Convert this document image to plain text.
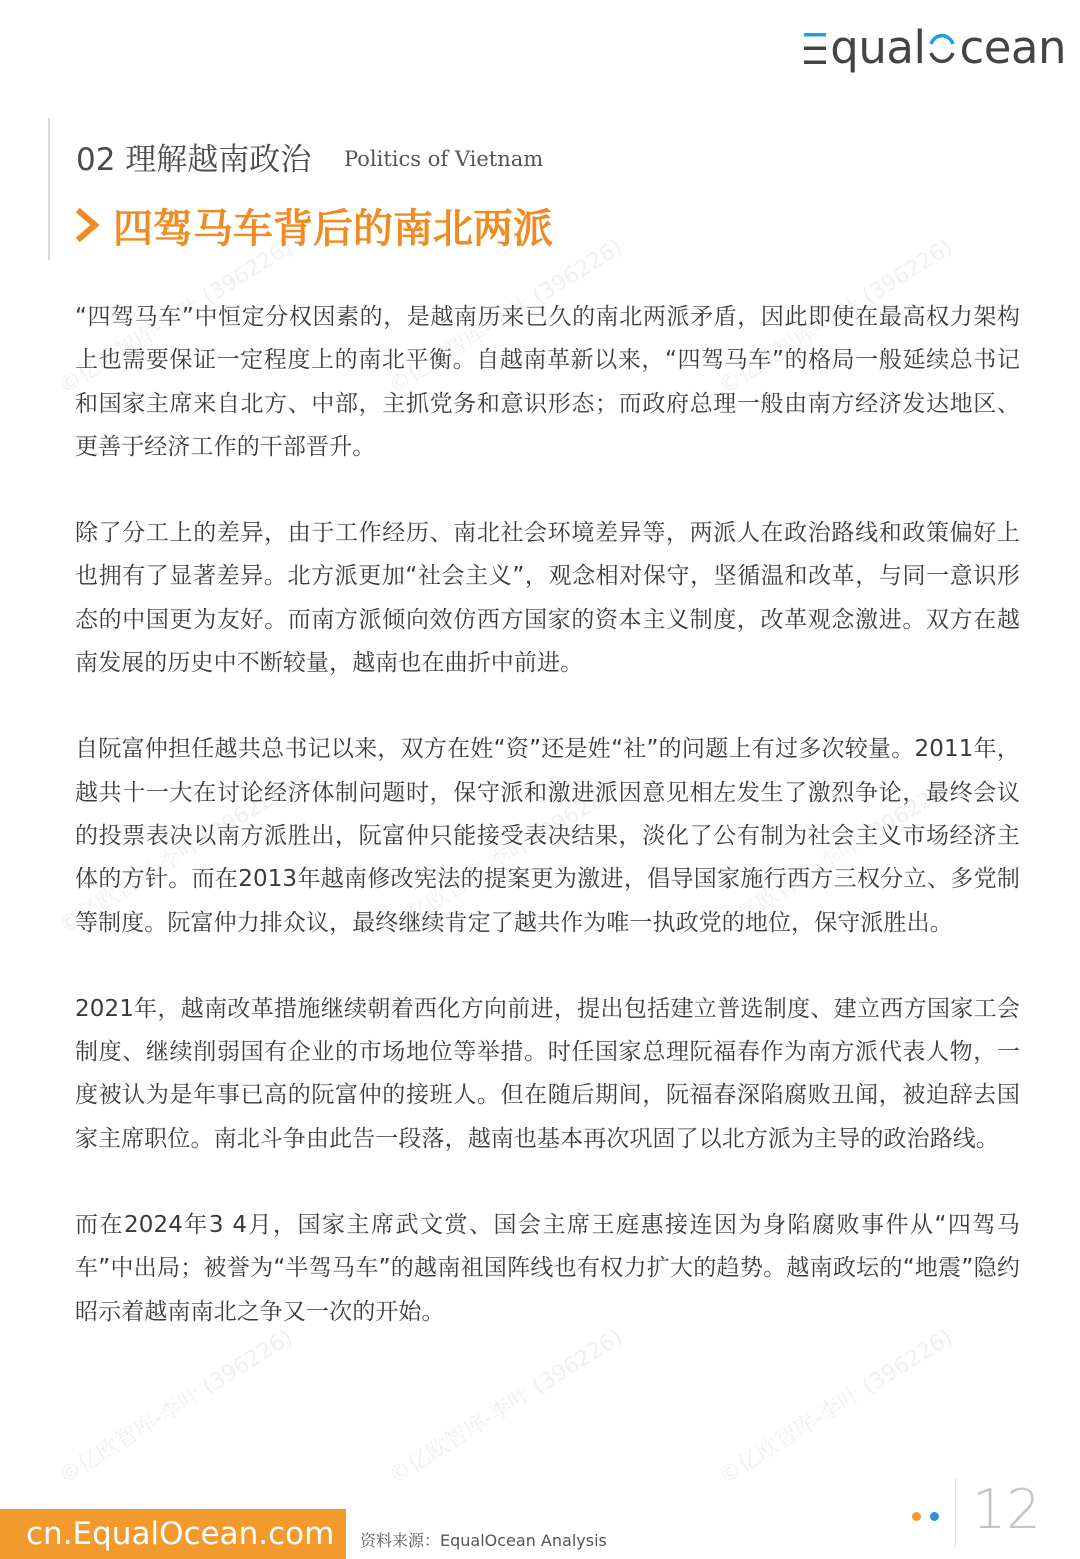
qual cean
02 理解越南政治 Politics of Vietnam
四驾马车背后的南北两派
©亿欧智库-李叶 (396226)	©亿欧智库-李叶 (396226)	©亿欧智库-李叶 (396226)
©亿欧智库-李叶 (396226)	©亿欧智库-李叶 (396226)	©亿欧智库-李叶 (396226)
©亿欧智库-李叶 (396226)	©亿欧智库-李叶 (396226)	©亿欧智库-李叶 (396226)

“四驾马车”中恒定分权因素的，是越南历来已久的南北两派矛盾，因此即使在最高权力架构上也需要保证一定程度上的南北平衡。自越南革新以来，“四驾马车”的格局一般延续总书记和国家主席来自北方、中部，主抓党务和意识形态；而政府总理一般由南方经济发达地区、更善于经济工作的干部晋升。

除了分工上的差异，由于工作经历、南北社会环境差异等，两派人在政治路线和政策偏好上也拥有了显著差异。北方派更加“社会主义”，观念相对保守，坚循温和改革，与同一意识形态的中国更为友好。而南方派倾向效仿西方国家的资本主义制度，改革观念激进。双方在越南发展的历史中不断较量，越南也在曲折中前进。

自阮富仲担任越共总书记以来，双方在姓“资”还是姓“社”的问题上有过多次较量。2011年，越共十一大在讨论经济体制问题时，保守派和激进派因意见相左发生了激烈争论，最终会议的投票表决以南方派胜出，阮富仲只能接受表决结果，淡化了公有制为社会主义市场经济主体的方针。而在2013年越南修改宪法的提案更为激进，倡导国家施行西方三权分立、多党制等制度。阮富仲力排众议，最终继续肯定了越共作为唯一执政党的地位，保守派胜出。

2021年，越南改革措施继续朝着西化方向前进，提出包括建立普选制度、建立西方国家工会制度、继续削弱国有企业的市场地位等举措。时任国家总理阮福春作为南方派代表人物，一度被认为是年事已高的阮富仲的接班人。但在随后期间，阮福春深陷腐败丑闻，被迫辞去国家主席职位。南北斗争由此告一段落，越南也基本再次巩固了以北方派为主导的政治路线。

而在2024年3 4月，国家主席武文赏、国会主席王庭惠接连因为身陷腐败事件从“四驾马车”中出局；被誉为“半驾马车”的越南祖国阵线也有权力扩大的趋势。越南政坛的“地震”隐约昭示着越南南北之争又一次的开始。

cn.EqualOcean.com	资料来源：EqualOcean Analysis	12
